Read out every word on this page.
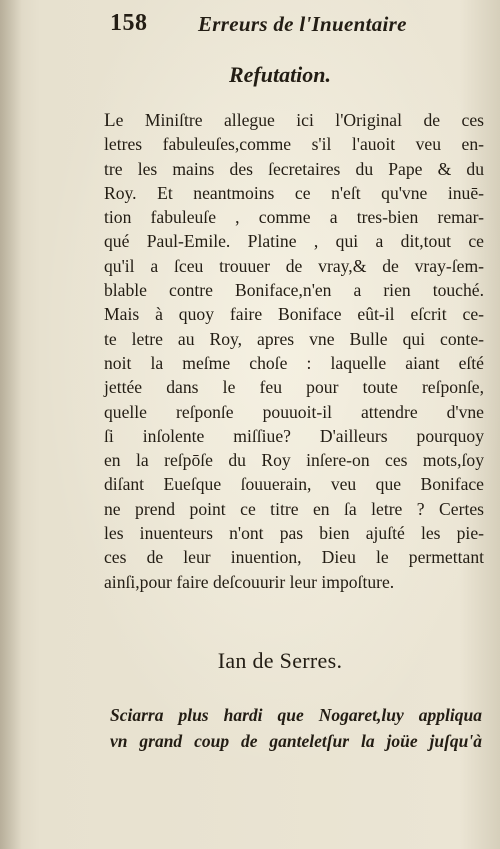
158 Erreurs de l'Inuentaire
Refutation.
Le Miniſtre allegue ici l'Original de ces
letres fabuleuſes,comme s'il l'auoit veu en-
tre les mains des ſecretaires du Pape & du
Roy. Et neantmoins ce n'eſt qu'vne inuē-
tion fabuleuſe , comme a tres-bien remar-
qué Paul-Emile. Platine , qui a dit,tout ce
qu'il a ſceu trouuer de vray,& de vray-ſem-
blable contre Boniface,n'en a rien touché.
Mais à quoy faire Boniface eût-il eſcrit ce-
te letre au Roy, apres vne Bulle qui conte-
noit la meſme choſe : laquelle aiant eſté
jettée dans le feu pour toute reſponſe,
quelle reſponſe pouuoit-il attendre d'vne
ſi inſolente miſſiue? D'ailleurs pourquoy
en la reſpōſe du Roy inſere-on ces mots,ſoy
diſant Eueſque ſouuerain, veu que Boniface
ne prend point ce titre en ſa letre ? Certes
les inuenteurs n'ont pas bien ajuſté les pie-
ces de leur inuention, Dieu le permettant
ainſi,pour faire deſcouurir leur impoſture.
Ian de Serres.
Sciarra plus hardi que Nogaret,luy appliqua
vn grand coup de ganteletſur la joüe juſqu'à
